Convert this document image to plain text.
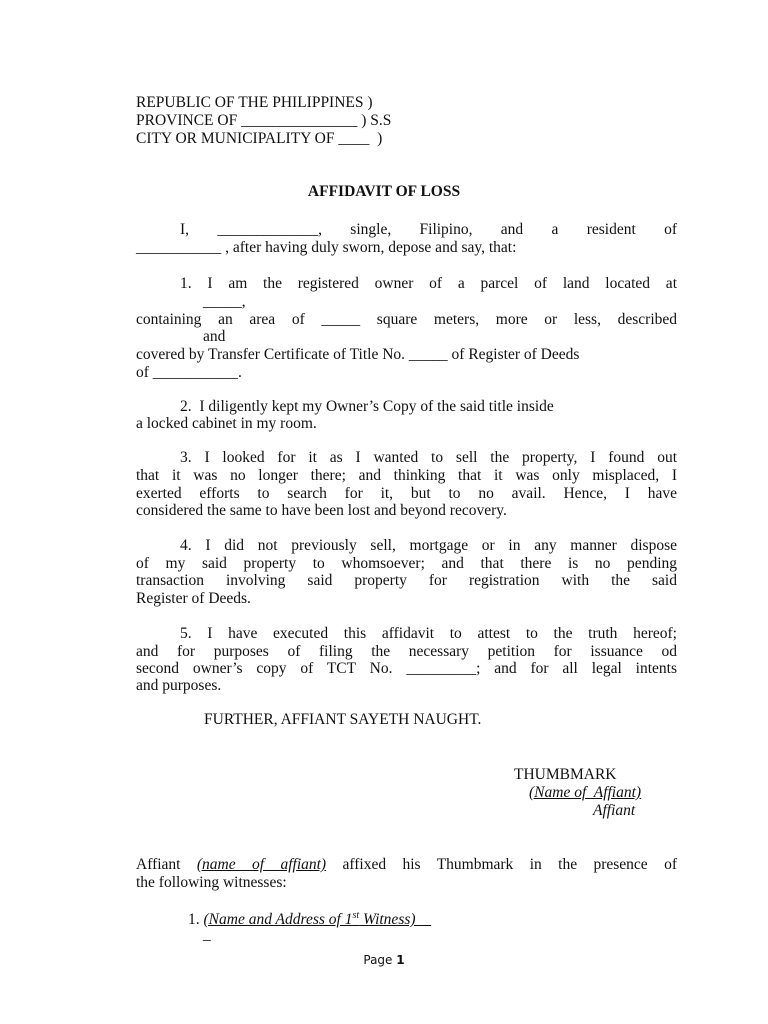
REPUBLIC OF THE PHILIPPINES )
PROVINCE OF _______________ ) S.S
CITY OR MUNICIPALITY OF ____  )
AFFIDAVIT OF LOSS
I, _____________, single, Filipino, and a resident of
___________ , after having duly sworn, depose and say, that:
1. I am the registered owner of a parcel of land located at
_____,
containing an area of _____ square meters, more or less, described
and
covered by Transfer Certificate of Title No. _____ of Register of Deeds
of ___________.
2.  I diligently kept my Owner’s Copy of the said title inside
a locked cabinet in my room.
3. I looked for it as I wanted to sell the property, I found out
that it was no longer there; and thinking that it was only misplaced, I
exerted efforts to search for it, but to no avail. Hence, I have
considered the same to have been lost and beyond recovery.
4. I did not previously sell, mortgage or in any manner dispose
of my said property to whomsoever; and that there is no pending
transaction involving said property for registration with the said
Register of Deeds.
5. I have executed this affidavit to attest to the truth hereof;
and for purposes of filing the necessary petition for issuance od
second owner’s copy of TCT No. _________; and for all legal intents
and purposes.
FURTHER, AFFIANT SAYETH NAUGHT.
THUMBMARK
(Name of  Affiant)
Affiant
Affiant (name of affiant) affixed his Thumbmark in the presence of
the following witnesses:
1. (Name and Address of 1st Witness)__
_
Page 1
